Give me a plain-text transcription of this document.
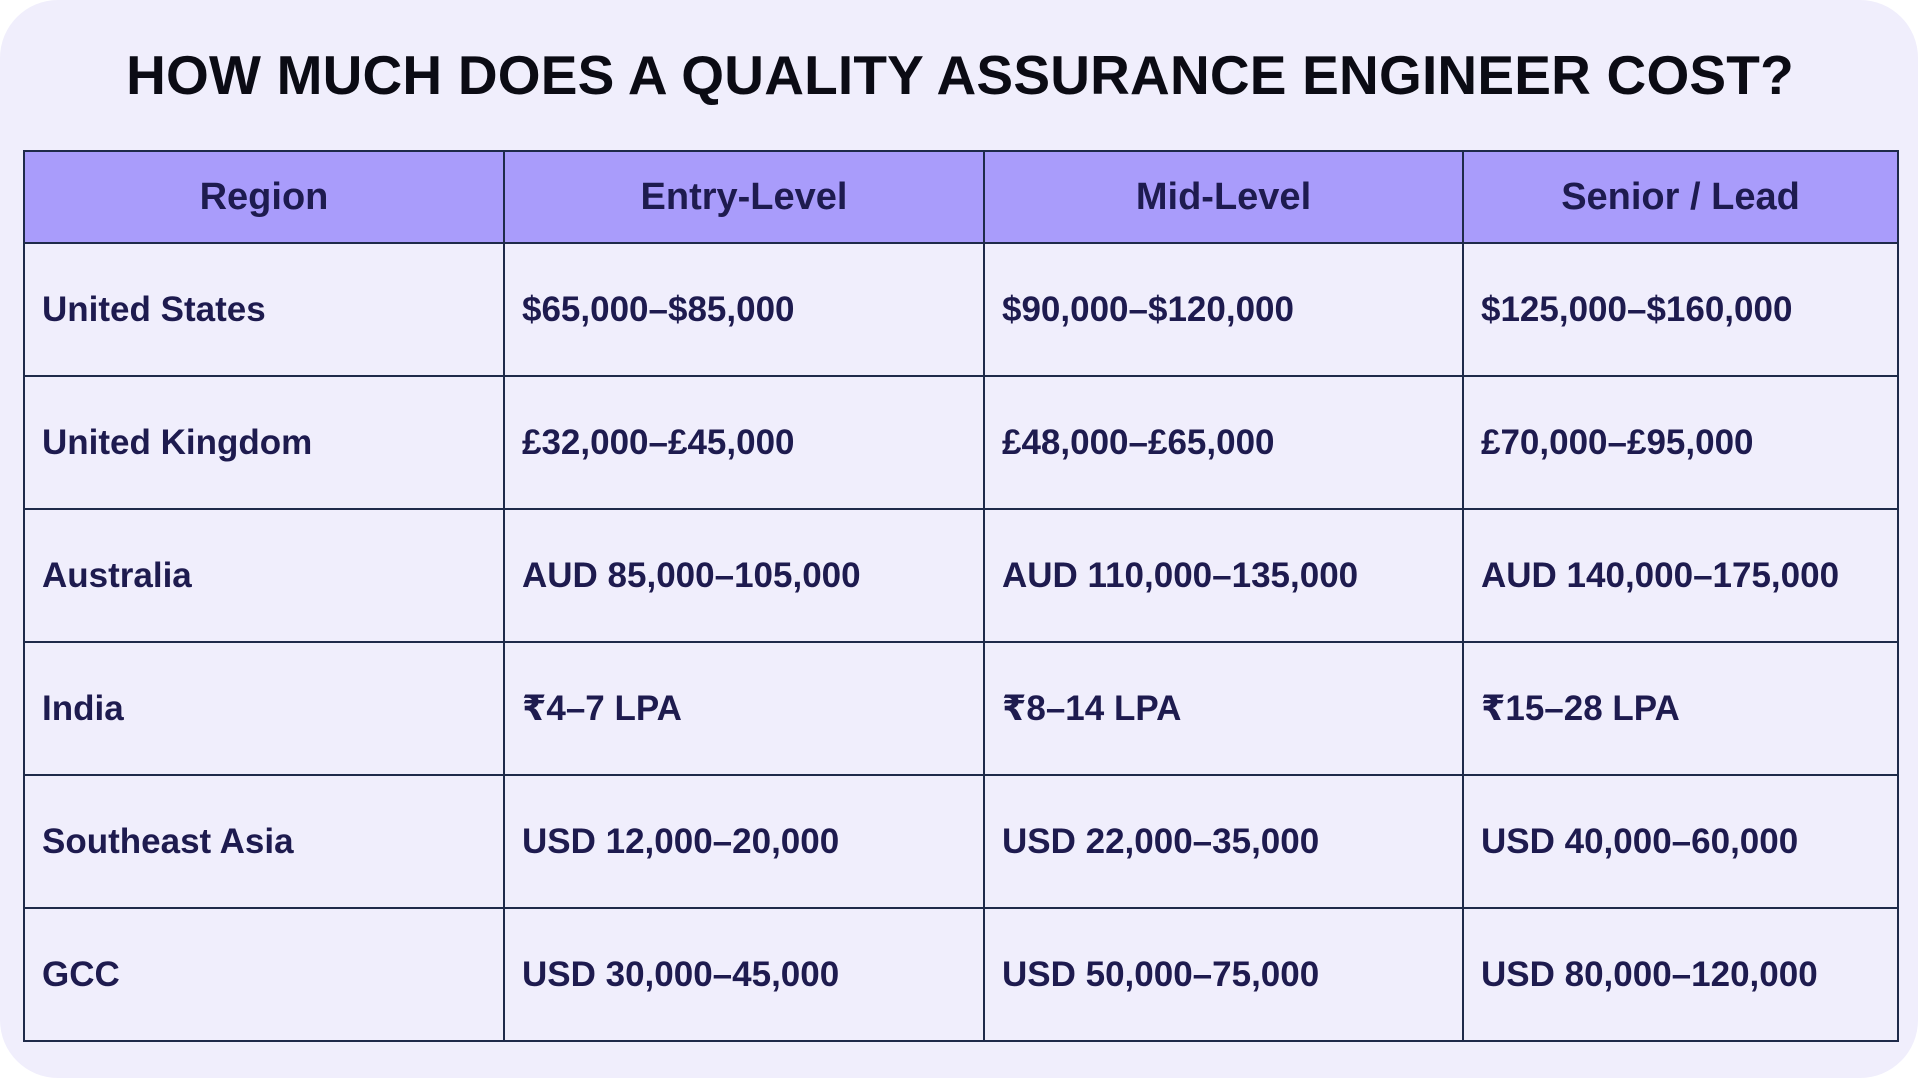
HOW MUCH DOES A QUALITY ASSURANCE ENGINEER COST?
Region	Entry-Level	Mid-Level	Senior / Lead
United States	$65,000–$85,000	$90,000–$120,000	$125,000–$160,000
United Kingdom	£32,000–£45,000	£48,000–£65,000	£70,000–£95,000
Australia	AUD 85,000–105,000	AUD 110,000–135,000	AUD 140,000–175,000
India	₹4–7 LPA	₹8–14 LPA	₹15–28 LPA
Southeast Asia	USD 12,000–20,000	USD 22,000–35,000	USD 40,000–60,000
GCC	USD 30,000–45,000	USD 50,000–75,000	USD 80,000–120,000
